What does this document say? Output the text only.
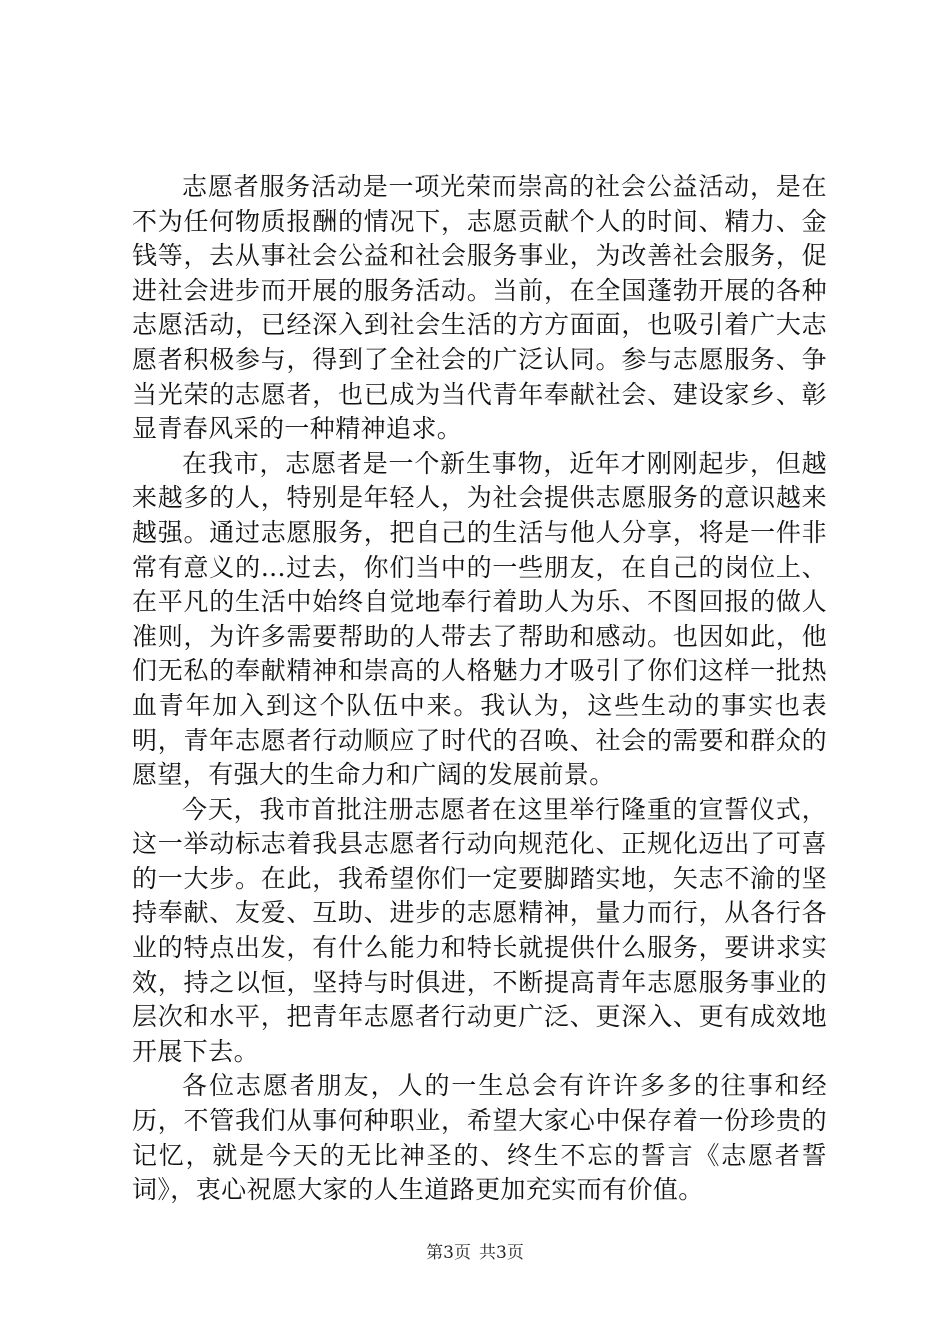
志愿者服务活动是一项光荣而崇高的社会公益活动，是在不为任何物质报酬的情况下，志愿贡献个人的时间、精力、金钱等，去从事社会公益和社会服务事业，为改善社会服务，促进社会进步而开展的服务活动。当前，在全国蓬勃开展的各种志愿活动，已经深入到社会生活的方方面面，也吸引着广大志愿者积极参与，得到了全社会的广泛认同。参与志愿服务、争当光荣的志愿者，也已成为当代青年奉献社会、建设家乡、彰显青春风采的一种精神追求。

在我市，志愿者是一个新生事物，近年才刚刚起步，但越来越多的人，特别是年轻人，为社会提供志愿服务的意识越来越强。通过志愿服务，把自己的生活与他人分享，将是一件非常有意义的...过去，你们当中的一些朋友，在自己的岗位上、在平凡的生活中始终自觉地奉行着助人为乐、不图回报的做人准则，为许多需要帮助的人带去了帮助和感动。也因如此，他们无私的奉献精神和崇高的人格魅力才吸引了你们这样一批热血青年加入到这个队伍中来。我认为，这些生动的事实也表明，青年志愿者行动顺应了时代的召唤、社会的需要和群众的愿望，有强大的生命力和广阔的发展前景。

今天，我市首批注册志愿者在这里举行隆重的宣誓仪式，这一举动标志着我县志愿者行动向规范化、正规化迈出了可喜的一大步。在此，我希望你们一定要脚踏实地，矢志不渝的坚持奉献、友爱、互助、进步的志愿精神，量力而行，从各行各业的特点出发，有什么能力和特长就提供什么服务，要讲求实效，持之以恒，坚持与时俱进，不断提高青年志愿服务事业的层次和水平，把青年志愿者行动更广泛、更深入、更有成效地开展下去。

各位志愿者朋友，人的一生总会有许许多多的往事和经历，不管我们从事何种职业，希望大家心中保存着一份珍贵的记忆，就是今天的无比神圣的、终生不忘的誓言《志愿者誓词》，衷心祝愿大家的人生道路更加充实而有价值。

第3页 共3页
